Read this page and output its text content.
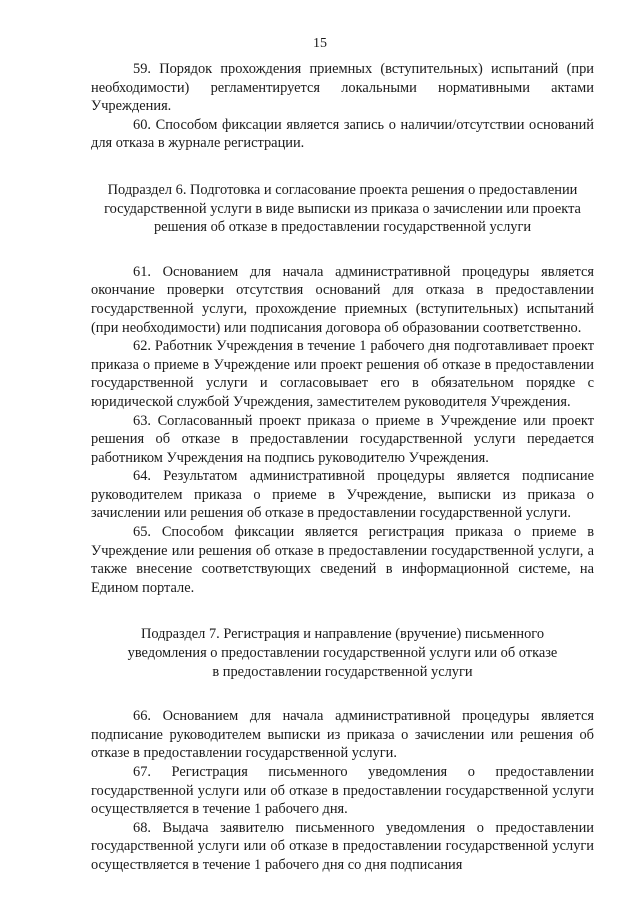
15

59. Порядок прохождения приемных (вступительных) испытаний (при необходимости) регламентируется локальными нормативными актами Учреждения.

60. Способом фиксации является запись о наличии/отсутствии оснований для отказа в журнале регистрации.

Подраздел 6. Подготовка и согласование проекта решения о предоставлении
государственной услуги в виде выписки из приказа о зачислении или проекта
решения об отказе в предоставлении государственной услуги

61. Основанием для начала административной процедуры является окончание проверки отсутствия оснований для отказа в предоставлении государственной услуги, прохождение приемных (вступительных) испытаний (при необходимости) или подписания договора об образовании соответственно.

62. Работник Учреждения в течение 1 рабочего дня подготавливает проект приказа о приеме в Учреждение или проект решения об отказе в предоставлении государственной услуги и согласовывает его в обязательном порядке с юридической службой Учреждения, заместителем руководителя Учреждения.

63. Согласованный проект приказа о приеме в Учреждение или проект решения об отказе в предоставлении государственной услуги передается работником Учреждения на подпись руководителю Учреждения.

64. Результатом административной процедуры является подписание руководителем приказа о приеме в Учреждение, выписки из приказа о зачислении или решения об отказе в предоставлении государственной услуги.

65. Способом фиксации является регистрация приказа о приеме в Учреждение или решения об отказе в предоставлении государственной услуги, а также внесение соответствующих сведений в информационной системе, на Едином портале.

Подраздел 7. Регистрация и направление (вручение) письменного
уведомления о предоставлении государственной услуги или об отказе
в предоставлении государственной услуги

66. Основанием для начала административной процедуры является подписание руководителем выписки из приказа о зачислении или решения об отказе в предоставлении государственной услуги.

67. Регистрация письменного уведомления о предоставлении государственной услуги или об отказе в предоставлении государственной услуги осуществляется в течение 1 рабочего дня.

68. Выдача заявителю письменного уведомления о предоставлении государственной услуги или об отказе в предоставлении государственной услуги осуществляется в течение 1 рабочего дня со дня подписания
